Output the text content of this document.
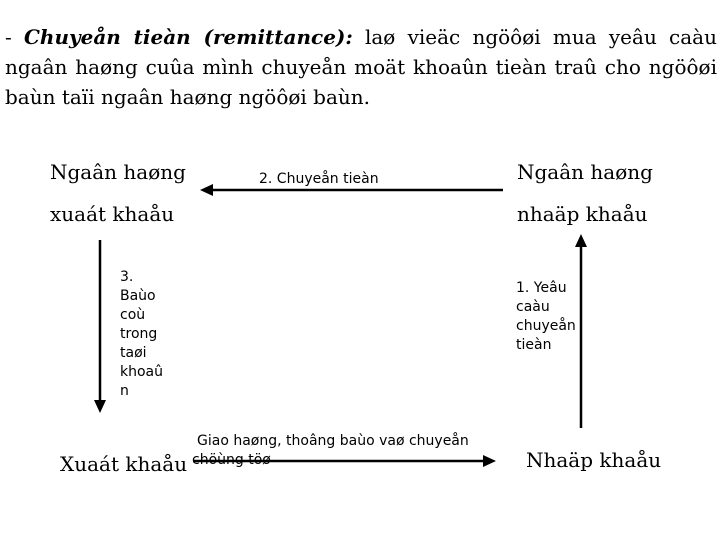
- Chuyeån tieàn (remittance): laø vieäc ngöôøi mua yeâu caàu ngaân haøng cuûa mình chuyeån moät khoaûn tieàn traû cho ngöôøi baùn taïi ngaân haøng ngöôøi baùn.
Ngaân haøng
xuaát khaåu
Ngaân haøng
nhaäp khaåu
Xuaát khaåu	Nhaäp khaåu
2. Chuyeån tieàn
3.
Baùo
coù
trong
taøi
khoaû
n
1. Yeâu
caàu
chuyeån
tieàn
Giao haøng, thoâng baùo vaø chuyeån
chöùng töø
